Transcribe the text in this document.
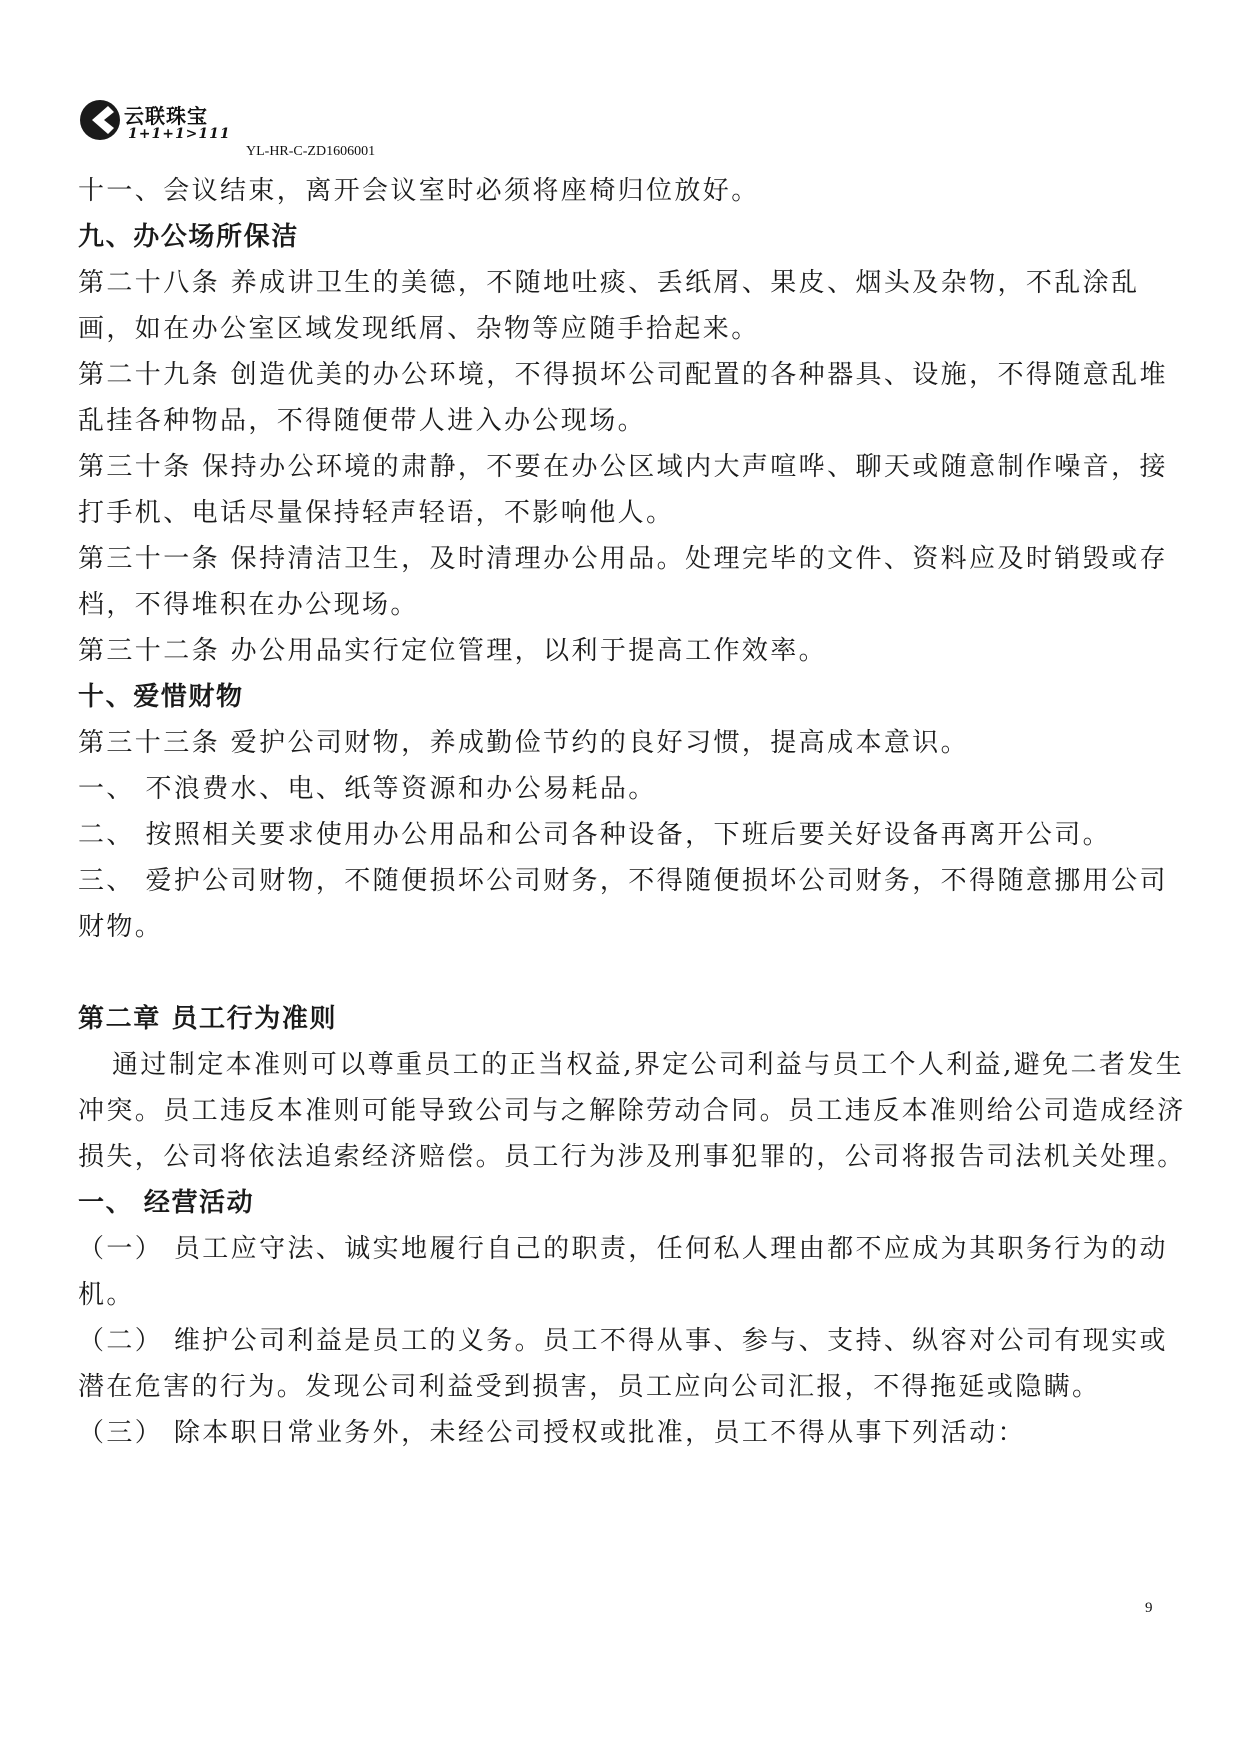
云联珠宝
1+1+1>111
YL-HR-C-ZD1606001

十一、会议结束，离开会议室时必须将座椅归位放好。

九、办公场所保洁

第二十八条 养成讲卫生的美德，不随地吐痰、丢纸屑、果皮、烟头及杂物，不乱涂乱画，如在办公室区域发现纸屑、杂物等应随手拾起来。

第二十九条 创造优美的办公环境，不得损坏公司配置的各种器具、设施，不得随意乱堆乱挂各种物品，不得随便带人进入办公现场。

第三十条 保持办公环境的肃静，不要在办公区域内大声喧哗、聊天或随意制作噪音，接打手机、电话尽量保持轻声轻语，不影响他人。

第三十一条 保持清洁卫生，及时清理办公用品。处理完毕的文件、资料应及时销毁或存档，不得堆积在办公现场。

第三十二条 办公用品实行定位管理，以利于提高工作效率。

十、爱惜财物

第三十三条 爱护公司财物，养成勤俭节约的良好习惯，提高成本意识。

一、 不浪费水、电、纸等资源和办公易耗品。

二、 按照相关要求使用办公用品和公司各种设备，下班后要关好设备再离开公司。

三、 爱护公司财物，不随便损坏公司财务，不得随便损坏公司财务，不得随意挪用公司财物。

第二章 员工行为准则

通过制定本准则可以尊重员工的正当权益,界定公司利益与员工个人利益,避免二者发生冲突。员工违反本准则可能导致公司与之解除劳动合同。员工违反本准则给公司造成经济损失，公司将依法追索经济赔偿。员工行为涉及刑事犯罪的，公司将报告司法机关处理。

一、 经营活动

（一） 员工应守法、诚实地履行自己的职责，任何私人理由都不应成为其职务行为的动机。

（二） 维护公司利益是员工的义务。员工不得从事、参与、支持、纵容对公司有现实或潜在危害的行为。发现公司利益受到损害，员工应向公司汇报，不得拖延或隐瞒。

（三） 除本职日常业务外，未经公司授权或批准，员工不得从事下列活动：

9
